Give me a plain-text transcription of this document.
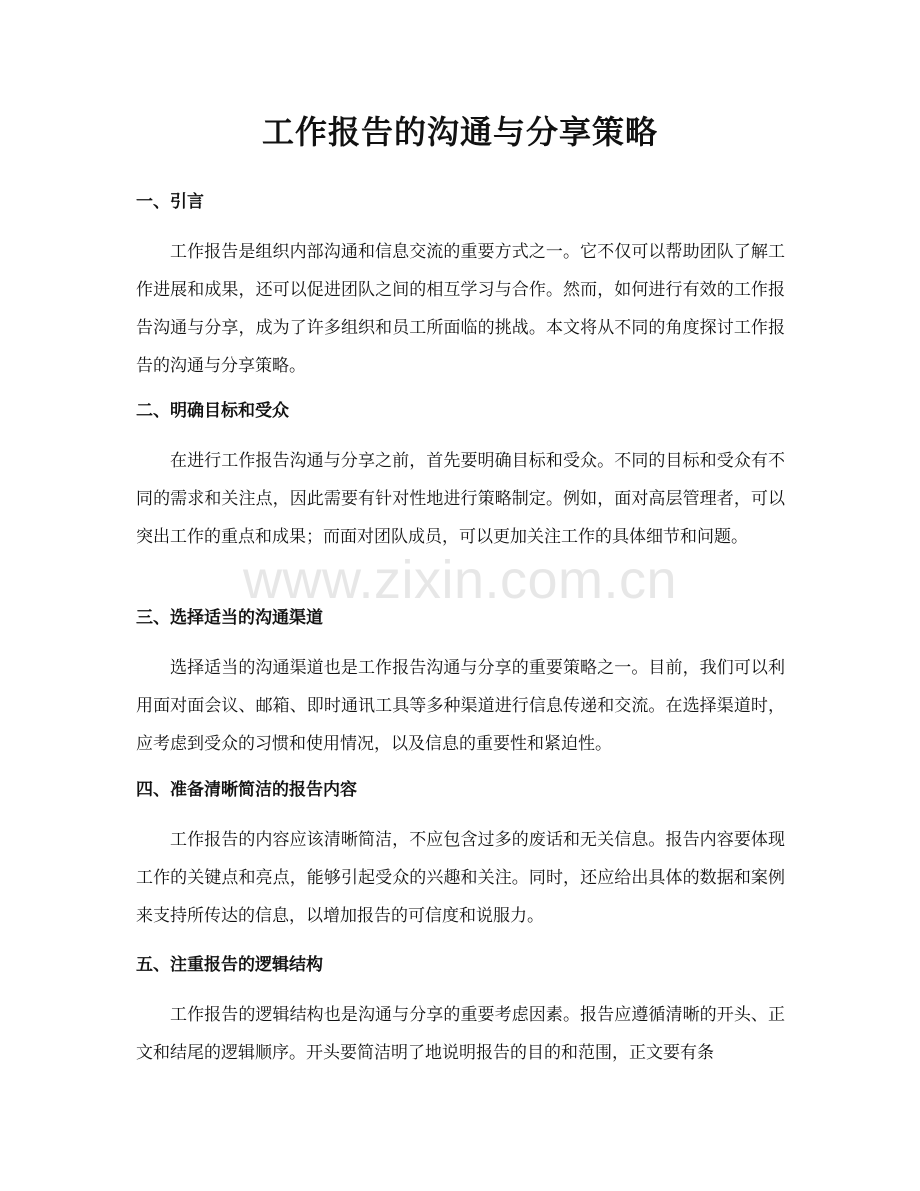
工作报告的沟通与分享策略
一、引言
工作报告是组织内部沟通和信息交流的重要方式之一。它不仅可以帮助团队了解工作进展和成果，还可以促进团队之间的相互学习与合作。然而，如何进行有效的工作报告沟通与分享，成为了许多组织和员工所面临的挑战。本文将从不同的角度探讨工作报告的沟通与分享策略。
二、明确目标和受众
在进行工作报告沟通与分享之前，首先要明确目标和受众。不同的目标和受众有不同的需求和关注点，因此需要有针对性地进行策略制定。例如，面对高层管理者，可以突出工作的重点和成果；而面对团队成员，可以更加关注工作的具体细节和问题。
www.zixin.com.cn
三、选择适当的沟通渠道
选择适当的沟通渠道也是工作报告沟通与分享的重要策略之一。目前，我们可以利用面对面会议、邮箱、即时通讯工具等多种渠道进行信息传递和交流。在选择渠道时，应考虑到受众的习惯和使用情况，以及信息的重要性和紧迫性。
四、准备清晰简洁的报告内容
工作报告的内容应该清晰简洁，不应包含过多的废话和无关信息。报告内容要体现工作的关键点和亮点，能够引起受众的兴趣和关注。同时，还应给出具体的数据和案例来支持所传达的信息，以增加报告的可信度和说服力。
五、注重报告的逻辑结构
工作报告的逻辑结构也是沟通与分享的重要考虑因素。报告应遵循清晰的开头、正文和结尾的逻辑顺序。开头要简洁明了地说明报告的目的和范围，正文要有条
